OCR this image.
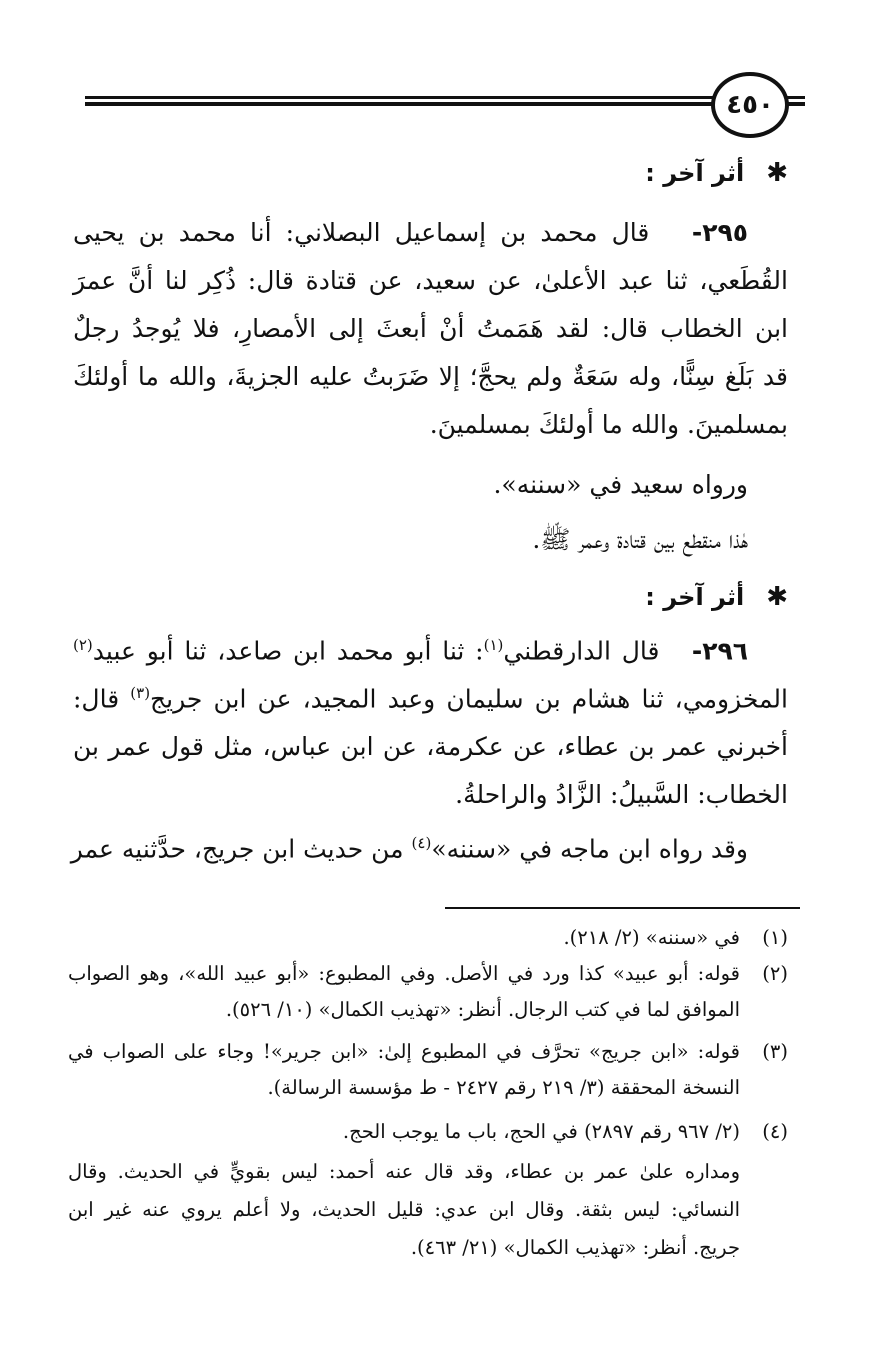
٤٥٠
✱أثر آخر :
٢٩٥-   قال محمد بن إسماعيل البصلاني: أنا محمد بن يحيى
القُطَعي، ثنا عبد الأعلىٰ، عن سعيد، عن قتادة قال: ذُكِر لنا أنَّ عمرَ
ابن الخطاب قال: لقد هَمَمتُ أنْ أبعثَ إلى الأمصارِ، فلا يُوجدُ رجلٌ
قد بَلَغ سِنًّا، وله سَعَةٌ ولم يحجَّ؛ إلا ضَرَبتُ عليه الجزيةَ، والله ما أولئكَ
بمسلمينَ. والله ما أولئكَ بمسلمينَ.
ورواه سعيد في «سننه».
هٰذا منقطع بين قتادة وعمر ﷺ.
✱أثر آخر :
٢٩٦-   قال الدارقطني$^{(١)}$: ثنا أبو محمد ابن صاعد، ثنا أبو عبيد$^{(٢)}$
المخزومي، ثنا هشام بن سليمان وعبد المجيد، عن ابن جريج$^{(٣)}$ قال:
أخبرني عمر بن عطاء، عن عكرمة، عن ابن عباس، مثل قول عمر بن
الخطاب: السَّبيلُ: الزَّادُ والراحلةُ.
وقد رواه ابن ماجه في «سننه»$^{(٤)}$ من حديث ابن جريج، حدَّثنيه عمر
(١)
في «سننه» (٢/ ٢١٨).
(٢)
قوله: أبو عبيد» كذا ورد في الأصل. وفي المطبوع: «أبو عبيد الله»، وهو الصواب
الموافق لما في كتب الرجال. أنظر: «تهذيب الكمال» (١٠/ ٥٢٦).
(٣)
قوله: «ابن جريج» تحرَّف في المطبوع إلىٰ: «ابن جرير»! وجاء على الصواب في
النسخة المحققة (٣/ ٢١٩ رقم ٢٤٢٧ - ط مؤسسة الرسالة).
(٤)
(٢/ ٩٦٧ رقم ٢٨٩٧) في الحج، باب ما يوجب الحج.
ومداره علىٰ عمر بن عطاء، وقد قال عنه أحمد: ليس بقويٍّ في الحديث. وقال
النسائي: ليس بثقة. وقال ابن عدي: قليل الحديث، ولا أعلم يروي عنه غير ابن
جريج. أنظر: «تهذيب الكمال» (٢١/ ٤٦٣).
